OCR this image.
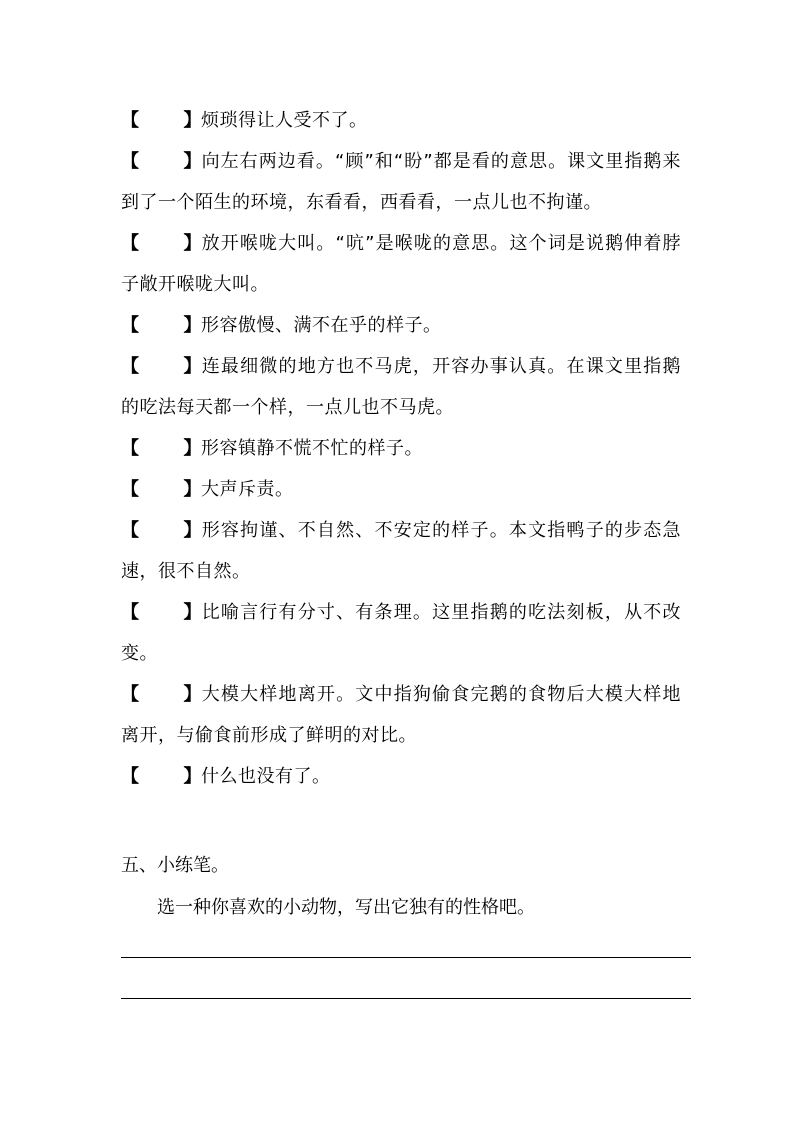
【 】烦琐得让人受不了。

【 】向左右两边看。“顾”和“盼”都是看的意思。课文里指鹅来到了一个陌生的环境，东看看，西看看，一点儿也不拘谨。

【 】放开喉咙大叫。“吭”是喉咙的意思。这个词是说鹅伸着脖子敞开喉咙大叫。

【 】形容傲慢、满不在乎的样子。

【 】连最细微的地方也不马虎，开容办事认真。在课文里指鹅的吃法每天都一个样，一点儿也不马虎。

【 】形容镇静不慌不忙的样子。

【 】大声斥责。

【 】形容拘谨、不自然、不安定的样子。本文指鸭子的步态急速，很不自然。

【 】比喻言行有分寸、有条理。这里指鹅的吃法刻板，从不改变。

【 】大模大样地离开。文中指狗偷食完鹅的食物后大模大样地离开，与偷食前形成了鲜明的对比。

【 】什么也没有了。

五、小练笔。

选一种你喜欢的小动物，写出它独有的性格吧。
